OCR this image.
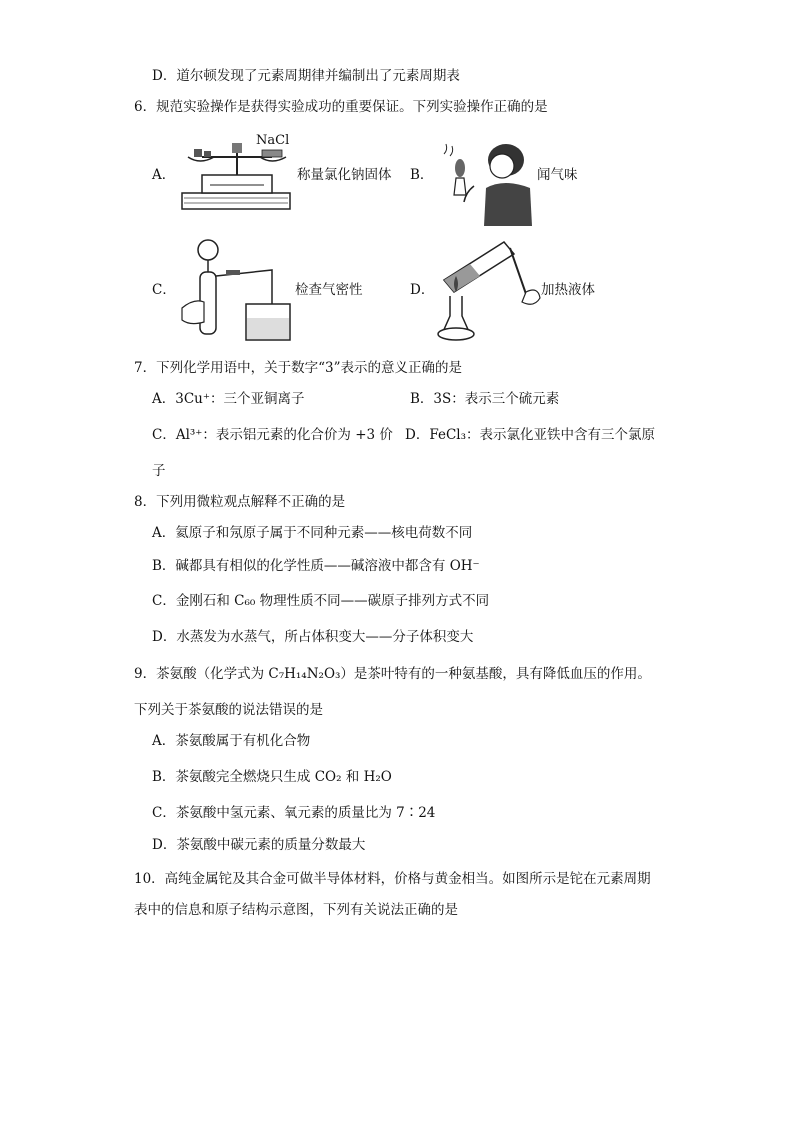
D．道尔顿发现了元素周期律并编制出了元素周期表
6．规范实验操作是获得实验成功的重要保证。下列实验操作正确的是
A．
NaCl
称量氯化钠固体 B．	闻气味
C．	检查气密性	D．	加热液体
7．下列化学用语中，关于数字“3”表示的意义正确的是
A．3Cu⁺：三个亚铜离子	B．3S：表示三个硫元素
C．Al³⁺：表示铝元素的化合价为 +3 价 D．FeCl₃：表示氯化亚铁中含有三个氯原
子
8．下列用微粒观点解释不正确的是
A．氦原子和氖原子属于不同种元素——核电荷数不同
B．碱都具有相似的化学性质——碱溶液中都含有 OH⁻
C．金刚石和 C₆₀ 物理性质不同——碳原子排列方式不同
D．水蒸发为水蒸气，所占体积变大——分子体积变大
9．茶氨酸（化学式为 C₇H₁₄N₂O₃）是茶叶特有的一种氨基酸，具有降低血压的作用。
下列关于茶氨酸的说法错误的是
A．茶氨酸属于有机化合物
B．茶氨酸完全燃烧只生成 CO₂ 和 H₂O
C．茶氨酸中氢元素、氧元素的质量比为 7∶24
D．茶氨酸中碳元素的质量分数最大
10．高纯金属铊及其合金可做半导体材料，价格与黄金相当。如图所示是铊在元素周期
表中的信息和原子结构示意图，下列有关说法正确的是
